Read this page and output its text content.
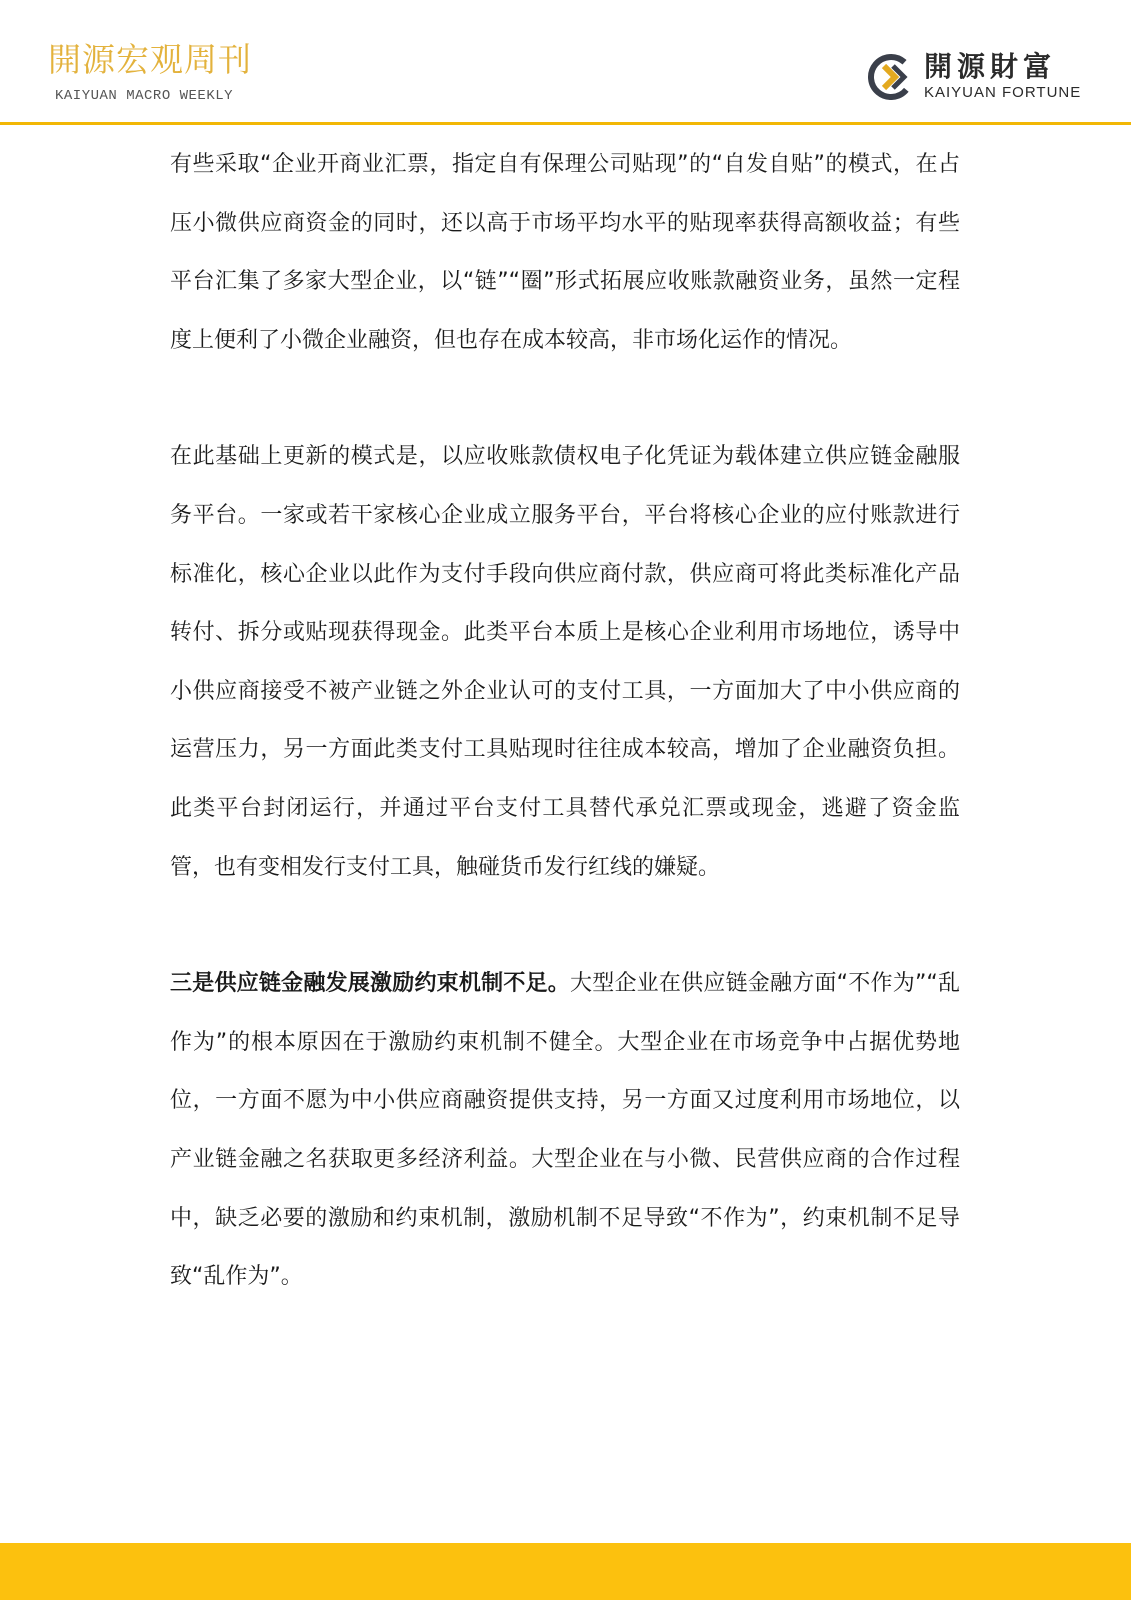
開源宏观周刊
KAIYUAN MACRO WEEKLY
開源財富
KAIYUAN FORTUNE

有些采取“企业开商业汇票，指定自有保理公司贴现”的“自发自贴”的模式，在占压小微供应商资金的同时，还以高于市场平均水平的贴现率获得高额收益；有些平台汇集了多家大型企业，以“链”“圈”形式拓展应收账款融资业务，虽然一定程度上便利了小微企业融资，但也存在成本较高，非市场化运作的情况。

在此基础上更新的模式是，以应收账款债权电子化凭证为载体建立供应链金融服务平台。一家或若干家核心企业成立服务平台，平台将核心企业的应付账款进行标准化，核心企业以此作为支付手段向供应商付款，供应商可将此类标准化产品转付、拆分或贴现获得现金。此类平台本质上是核心企业利用市场地位，诱导中小供应商接受不被产业链之外企业认可的支付工具，一方面加大了中小供应商的运营压力，另一方面此类支付工具贴现时往往成本较高，增加了企业融资负担。此类平台封闭运行，并通过平台支付工具替代承兑汇票或现金，逃避了资金监管，也有变相发行支付工具，触碰货币发行红线的嫌疑。

三是供应链金融发展激励约束机制不足。大型企业在供应链金融方面“不作为”“乱作为”的根本原因在于激励约束机制不健全。大型企业在市场竞争中占据优势地位，一方面不愿为中小供应商融资提供支持，另一方面又过度利用市场地位，以产业链金融之名获取更多经济利益。大型企业在与小微、民营供应商的合作过程中，缺乏必要的激励和约束机制，激励机制不足导致“不作为”，约束机制不足导致“乱作为”。
